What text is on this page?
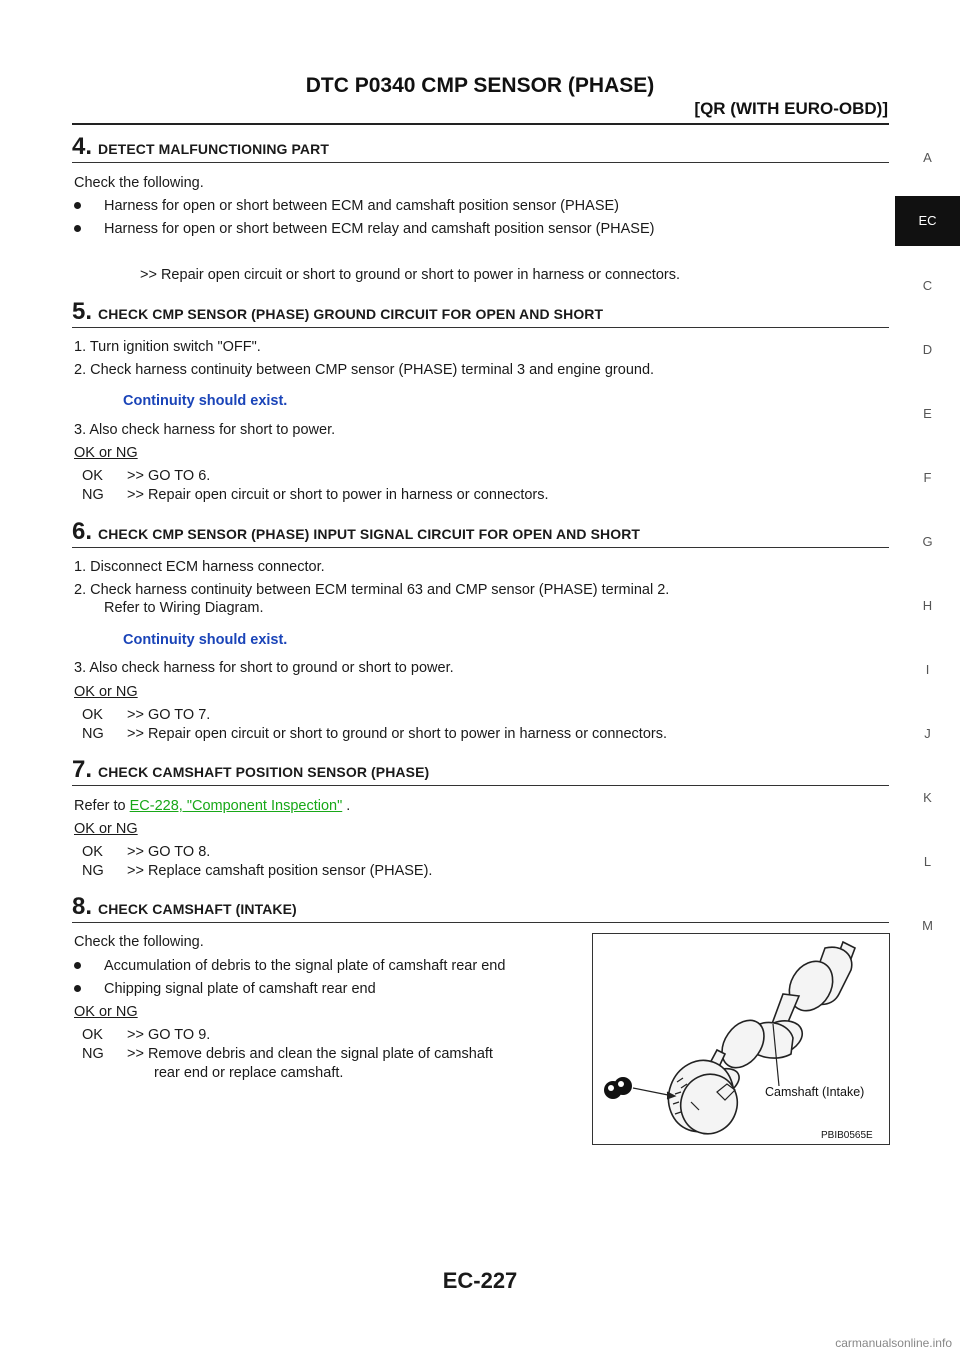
DTC P0340 CMP SENSOR (PHASE)
[QR (WITH EURO-OBD)]
A
EC
C
D
E
F
G
H
I
J
K
L
M
4. DETECT MALFUNCTIONING PART
Check the following.
Harness for open or short between ECM and camshaft position sensor (PHASE)
Harness for open or short between ECM relay and camshaft position sensor (PHASE)
>> Repair open circuit or short to ground or short to power in harness or connectors.
5. CHECK CMP SENSOR (PHASE) GROUND CIRCUIT FOR OPEN AND SHORT
1. Turn ignition switch "OFF".
2. Check harness continuity between CMP sensor (PHASE) terminal 3 and engine ground.
Continuity should exist.
3. Also check harness for short to power.
OK or NG
OK >> GO TO 6.
NG >> Repair open circuit or short to power in harness or connectors.
6. CHECK CMP SENSOR (PHASE) INPUT SIGNAL CIRCUIT FOR OPEN AND SHORT
1. Disconnect ECM harness connector.
2. Check harness continuity between ECM terminal 63 and CMP sensor (PHASE) terminal 2.
Refer to Wiring Diagram.
Continuity should exist.
3. Also check harness for short to ground or short to power.
OK or NG
OK >> GO TO 7.
NG >> Repair open circuit or short to ground or short to power in harness or connectors.
7. CHECK CAMSHAFT POSITION SENSOR (PHASE)
Refer to EC-228, "Component Inspection" .
OK or NG
OK >> GO TO 8.
NG >> Replace camshaft position sensor (PHASE).
8. CHECK CAMSHAFT (INTAKE)
Check the following.
Accumulation of debris to the signal plate of camshaft rear end
Chipping signal plate of camshaft rear end
OK or NG
OK >> GO TO 9.
NG >> Remove debris and clean the signal plate of camshaft
rear end or replace camshaft.
Camshaft (Intake)
PBIB0565E
EC-227
carmanualsonline.info
